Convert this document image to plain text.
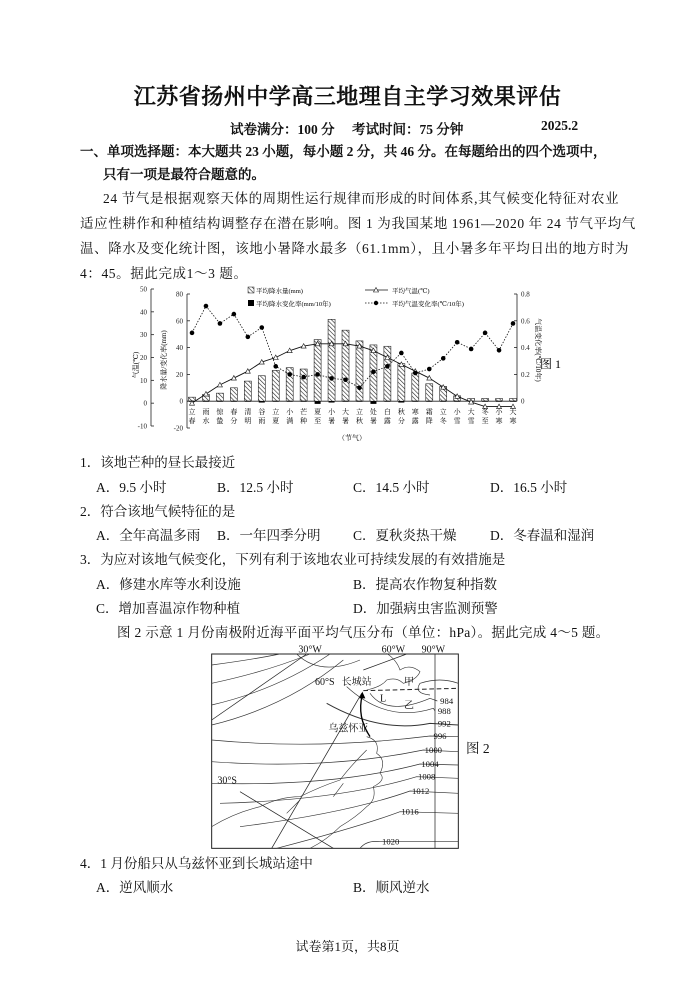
江苏省扬州中学高三地理自主学习效果评估
试卷满分：100 分 考试时间：75 分钟	2025.2
一、单项选择题：本大题共 23 小题，每小题 2 分，共 46 分。在每题给出的四个选项中，
只有一项是最符合题意的。
24 节气是根据观察天体的周期性运行规律而形成的时间体系,其气候变化特征对农业
适应性耕作和种植结构调整存在潜在影响。图 1 为我国某地 1961—2020 年 24 节气平均气
温、降水及变化统计图，该地小暑降水最多（61.1mm），且小暑多年平均日出的地方时为
4：45。据此完成1～3 题。
50
40
30
20
10
0
-10
80
60
40
20
0
-20
0.8
0.6
0.4
0.2
0
气温(℃)	降水量/变化率(mm)	气温变化率(℃/10年)
立
春
雨
水
惊
蛰
春
分
清
明
谷
雨
立
夏
小
满
芒
种
夏
至
小
暑
大
暑
立
秋
处
暑
白
露
秋
分
寒
露
霜
降
立
冬
小
雪
大
雪
冬
至
小
寒
大
寒
（节气）
平均降水量(mm)	平均气温(℃)
平均降水变化率(mm/10年)	平均气温变化率(℃/10年)
图 1
1．该地芒种的昼长最接近
A．9.5 小时	B．12.5 小时	C．14.5 小时	D．16.5 小时
2．符合该地气候特征的是
A．全年高温多雨 B．一年四季分明 C．夏秋炎热干燥 D．冬春温和湿润
3．为应对该地气候变化，下列有利于该地农业可持续发展的有效措施是
A．修建水库等水利设施	B．提高农作物复种指数
C．增加喜温凉作物种植	D．加强病虫害监测预警
图 2 示意 1 月份南极附近海平面平均气压分布（单位：hPa）。据此完成 4～5 题。
30°W 60°W 90°W
60°S
30°S
长城站
乌兹怀亚
甲
乙
L 984
988
992
996
1000
1004
1008
1012
1016
1020
图 2
4．1 月份船只从乌兹怀亚到长城站途中
A．逆风顺水	B．顺风逆水
试卷第1页，共8页
